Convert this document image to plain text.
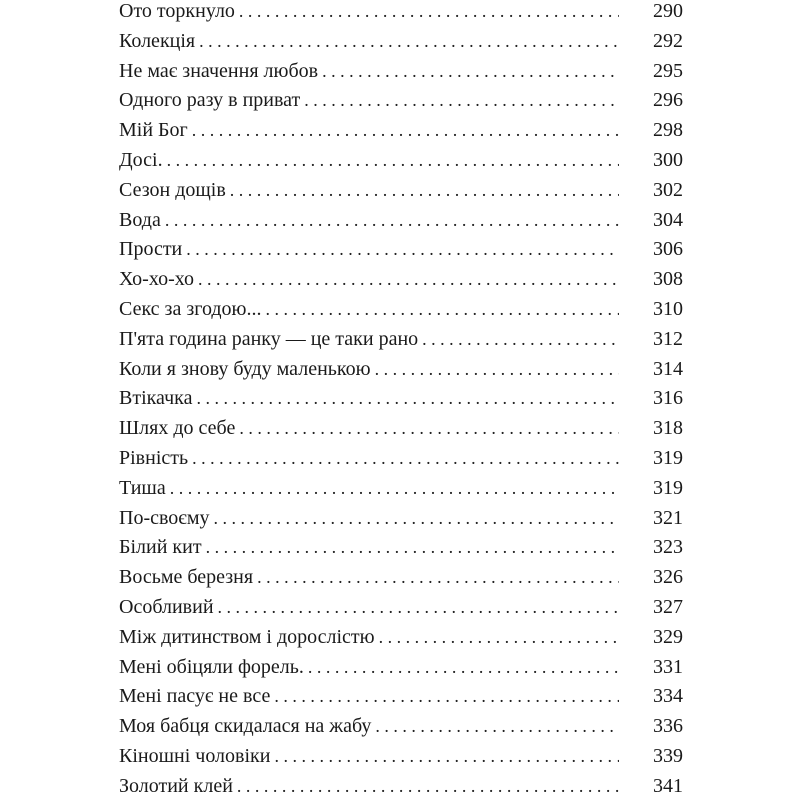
Ото торкнуло . . .	290
Колекція . . .	292
Не має значення любов . . .	295
Одного разу в приват . . .	296
Мій Бог . . .	298
Досі. . . .	300
Сезон дощів . . .	302
Вода . . .	304
Прости . . .	306
Хо-хо-хо . . .	308
Секс за згодою... . . .	310
П'ята година ранку — це таки рано . . .	312
Коли я знову буду маленькою . . .	314
Втікачка . . .	316
Шлях до себе . . .	318
Рівність . . .	319
Тиша . . .	319
По-своєму . . .	321
Білий кит . . .	323
Восьме березня . . .	326
Особливий . . .	327
Між дитинством і дорослістю . . .	329
Мені обіцяли форель. . . .	331
Мені пасує не все . . .	334
Моя бабця скидалася на жабу . . .	336
Кіношні чоловіки . . .	339
Золотий клей . . .	341
